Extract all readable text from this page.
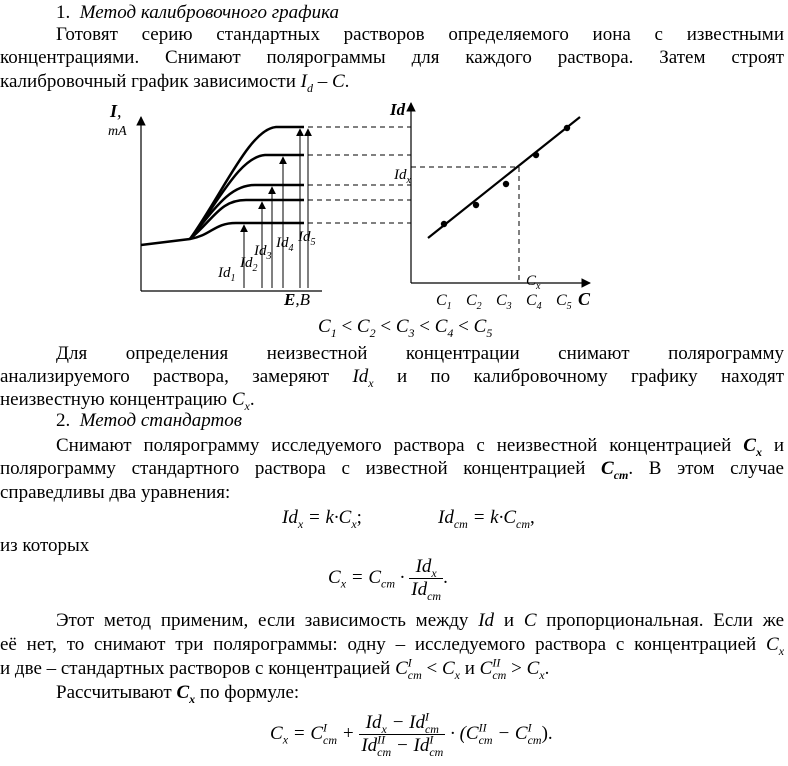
1. Метод калибровочного графика
Готовят серию стандартных растворов определяемого иона с известными
концентрациями. Снимают полярограммы для каждого раствора. Затем строят
калибровочный график зависимости $I_d$ – C.
I,
mA
E,B
$Id_1$
$Id_2$
$Id_3$
$Id_4$
$Id_5$
Id
C
$Id_x$
$C_x$
$C_1$ $C_2$ $C_3$ $C_4$ $C_5$
$C_1 < C_2 < C_3 < C_4 < C_5$
Для определения неизвестной концентрации снимают полярограмму
анализируемого раствора, замеряют $Id_x$ и по калибровочному графику находят
неизвестную концентрацию $C_x$.
2. Метод стандартов
Снимают полярограмму исследуемого раствора с неизвестной концентрацией $C_x$ и
полярограмму стандартного раствора с известной концентрацией $C_{cm}$. В этом случае
справедливы два уравнения:
$Id_x = k\cdot C_x$;	$Id_{cm} = k\cdot C_{cm}$,
из которых
$C_x = C_{cm} \cdot \frac{Id_x}{Id_{cm}}$ .
Этот метод применим, если зависимость между Id и C пропорциональная. Если же
её нет, то снимают три полярограммы: одну – исследуемого раствора с концентрацией $C_x$
и две – стандартных растворов с концентрацией $C^I_{cm} < C_x$ и $C^{II}_{cm} > C_x$.
Рассчитывают $C_x$ по формуле:
$C_x = C^I_{cm} + \frac{Id_x - Id^I_{cm}}{Id^{II}_{cm} - Id^I_{cm}} \cdot (C^{II}_{cm} - C^I_{cm})$.
